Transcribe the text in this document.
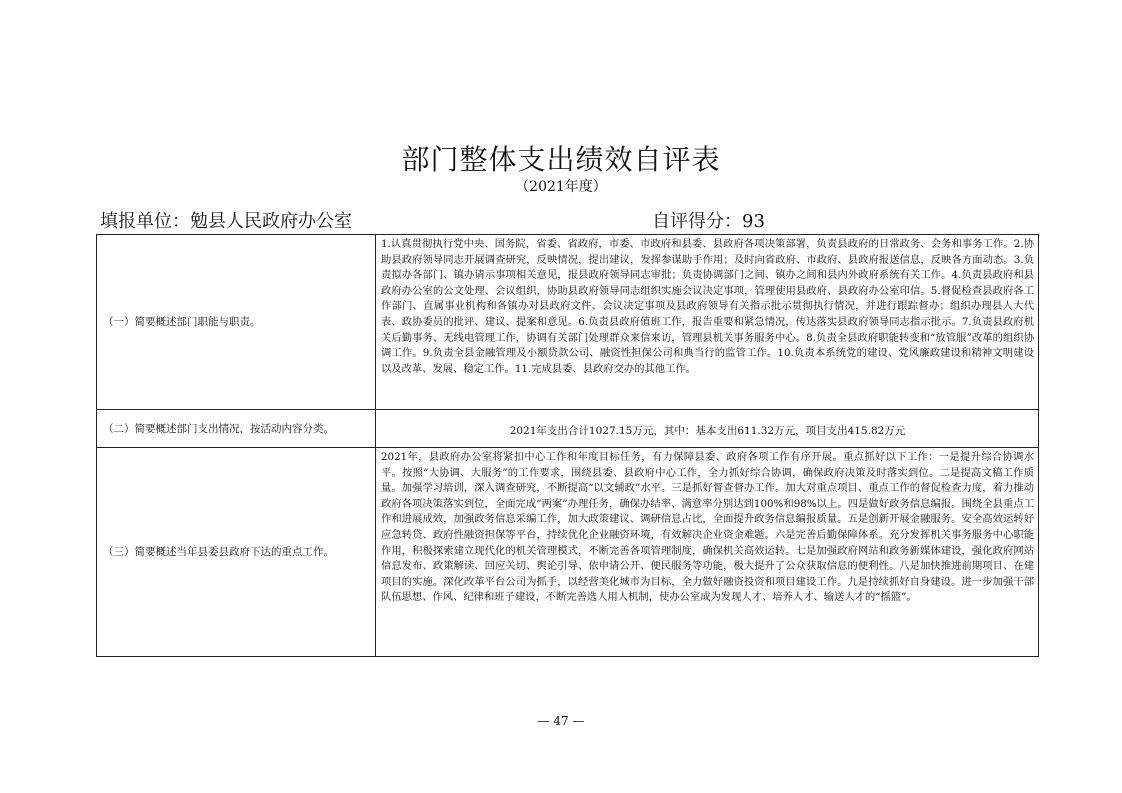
部门整体支出绩效自评表
（2021年度）
填报单位：勉县人民政府办公室	自评得分：93
（一）简要概述部门职能与职责。
1.认真贯彻执行党中央、国务院，省委、省政府，市委、市政府和县委、县政府各项决策部署，负责县政府的日常政务、会务和事务工作。2.协助县政府领导同志开展调查研究，反映情况，提出建议，发挥参谋助手作用；及时向省政府、市政府、县政府报送信息，反映各方面动态。3.负责拟办各部门、镇办请示事项相关意见，报县政府领导同志审批；负责协调部门之间、镇办之间和县内外政府系统有关工作。4.负责县政府和县政府办公室的公文处理、会议组织，协助县政府领导同志组织实施会议决定事项，管理使用县政府、县政府办公室印信。5.督促检查县政府各工作部门、直属事业机构和各镇办对县政府文件、会议决定事项及县政府领导有关指示批示贯彻执行情况，并进行跟踪督办；组织办理县人大代表、政协委员的批评、建议、提案和意见。6.负责县政府值班工作，报告重要和紧急情况，传达落实县政府领导同志指示批示。7.负责县政府机关后勤事务、无线电管理工作，协调有关部门处理群众来信来访，管理县机关事务服务中心。8.负责全县政府职能转变和“放管服”改革的组织协调工作。9.负责全县金融管理及小额贷款公司、融资性担保公司和典当行的监管工作。10.负责本系统党的建设、党风廉政建设和精神文明建设以及改革、发展、稳定工作。11.完成县委、县政府交办的其他工作。
（二）简要概述部门支出情况，按活动内容分类。	2021年支出合计1027.15万元，其中：基本支出611.32万元，项目支出415.82万元
（三）简要概述当年县委县政府下达的重点工作。
2021年，县政府办公室将紧扣中心工作和年度目标任务，有力保障县委、政府各项工作有序开展。重点抓好以下工作：一是提升综合协调水平。按照“大协调、大服务”的工作要求，围绕县委、县政府中心工作，全力抓好综合协调，确保政府决策及时落实到位。二是提高文稿工作质量。加强学习培训，深入调查研究，不断提高“以文辅政”水平。三是抓好督查督办工作。加大对重点项目、重点工作的督促检查力度，着力推动政府各项决策落实到位，全面完成“两案”办理任务，确保办结率、满意率分别达到100%和98%以上。四是做好政务信息编报。围绕全县重点工作和进展成效，加强政务信息采编工作，加大政策建议、调研信息占比，全面提升政务信息编报质量。五是创新开展金融服务。安全高效运转好应急转贷、政府性融资担保等平台，持续优化企业融资环境，有效解决企业资金难题。六是完善后勤保障体系。充分发挥机关事务服务中心职能作用，积极探索建立现代化的机关管理模式，不断完善各项管理制度，确保机关高效运转。七是加强政府网站和政务新媒体建设，强化政府网站信息发布、政策解读、回应关切、舆论引导、依申请公开、便民服务等功能，极大提升了公众获取信息的便利性。八是加快推进前期项目、在建项目的实施。深化改革平台公司为抓手，以经营美化城市为目标，全力做好融资投资和项目建设工作。九是持续抓好自身建设。进一步加强干部队伍思想、作风、纪律和班子建设，不断完善选人用人机制，使办公室成为发现人才、培养人才、输送人才的“摇篮”。
— 47 —
